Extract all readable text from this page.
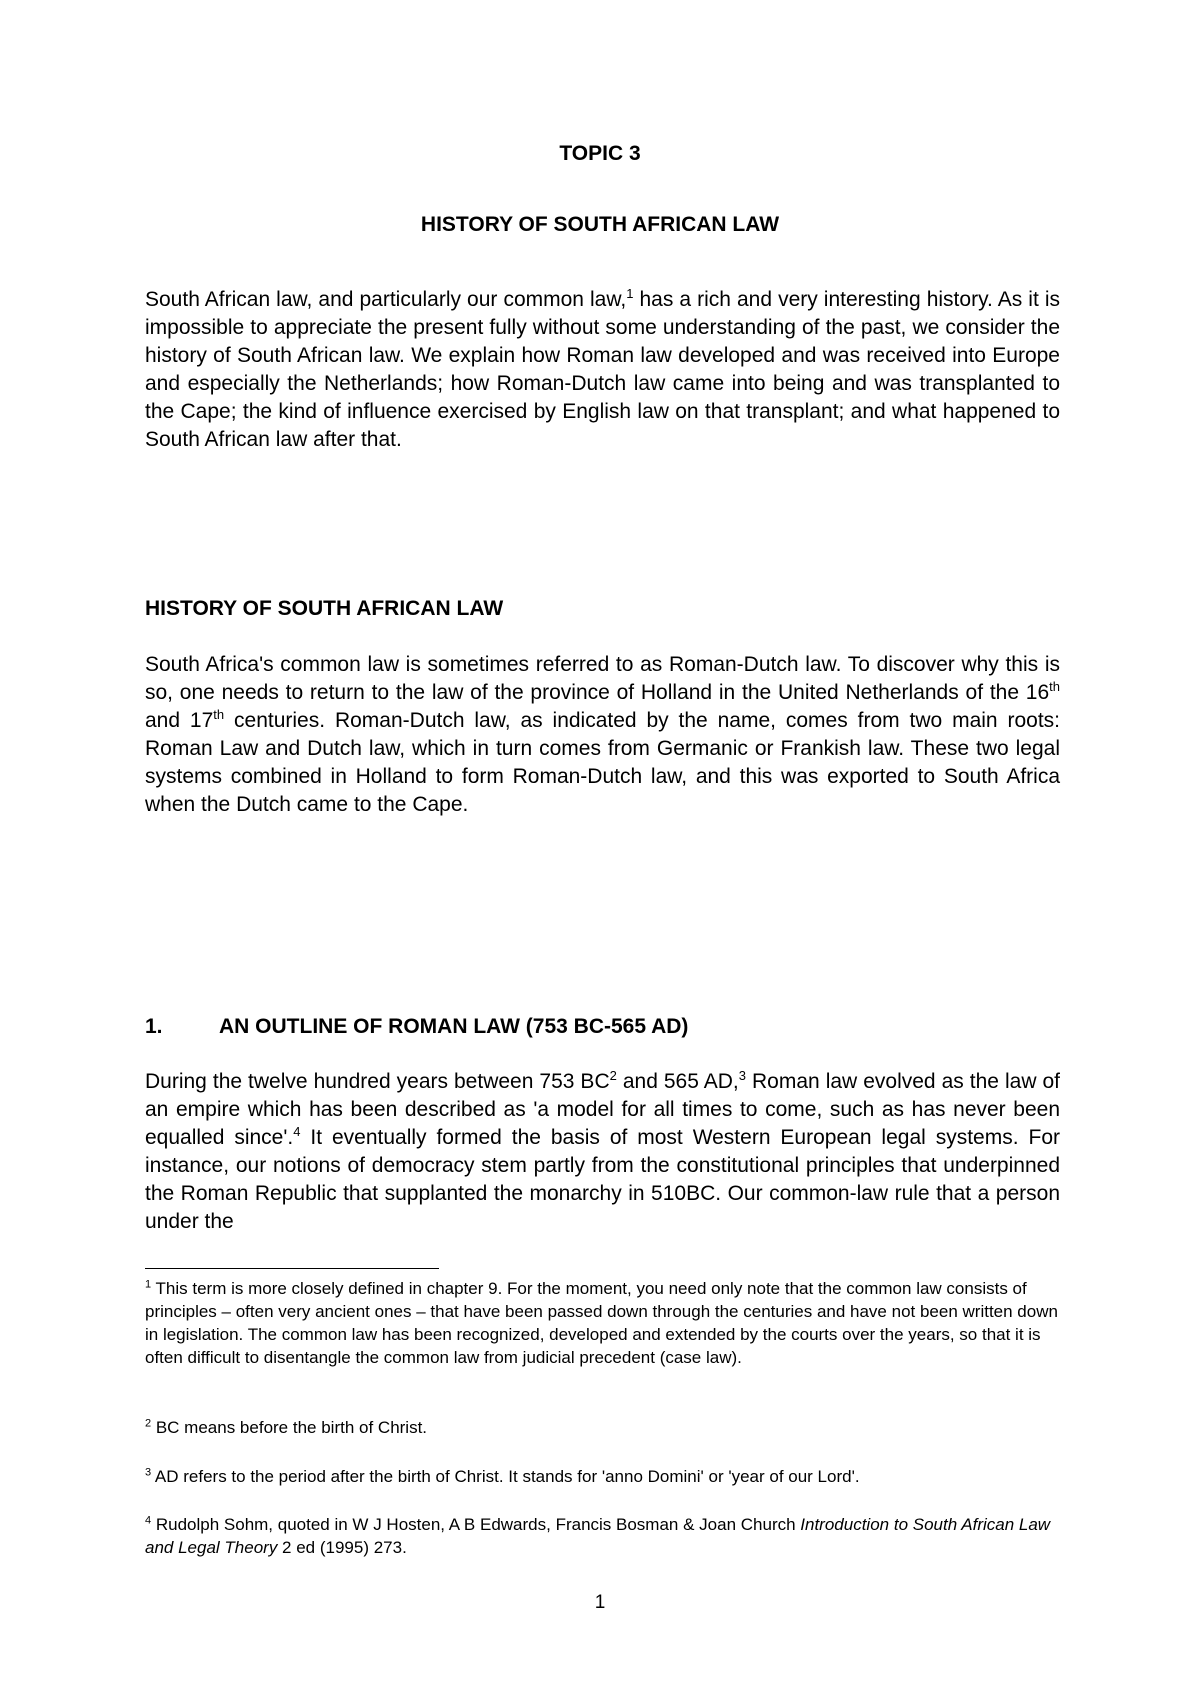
TOPIC 3
HISTORY OF SOUTH AFRICAN LAW

South African law, and particularly our common law,$^1$ has a rich and very interesting history. As it is impossible to appreciate the present fully without some understanding of the past, we consider the history of South African law. We explain how Roman law developed and was received into Europe and especially the Netherlands; how Roman-Dutch law came into being and was transplanted to the Cape; the kind of influence exercised by English law on that transplant; and what happened to South African law after that.

HISTORY OF SOUTH AFRICAN LAW

South Africa's common law is sometimes referred to as Roman-Dutch law. To discover why this is so, one needs to return to the law of the province of Holland in the United Netherlands of the 16th and 17th centuries. Roman-Dutch law, as indicated by the name, comes from two main roots: Roman Law and Dutch law, which in turn comes from Germanic or Frankish law. These two legal systems combined in Holland to form Roman-Dutch law, and this was exported to South Africa when the Dutch came to the Cape.

1.	AN OUTLINE OF ROMAN LAW (753 BC-565 AD)

During the twelve hundred years between 753 $BC^2$ and 565 AD,$^3$ Roman law evolved as the law of an empire which has been described as 'a model for all times to come, such as has never been equalled since'.$^4$ It eventually formed the basis of most Western European legal systems. For instance, our notions of democracy stem partly from the constitutional principles that underpinned the Roman Republic that supplanted the monarchy in 510BC. Our common-law rule that a person under the

$^1$ This term is more closely defined in chapter 9. For the moment, you need only note that the common law consists of principles – often very ancient ones – that have been passed down through the centuries and have not been written down in legislation. The common law has been recognized, developed and extended by the courts over the years, so that it is often difficult to disentangle the common law from judicial precedent (case law).

$^2$ BC means before the birth of Christ.

$^3$ AD refers to the period after the birth of Christ. It stands for 'anno Domini' or 'year of our Lord'.

$^4$ Rudolph Sohm, quoted in W J Hosten, A B Edwards, Francis Bosman & Joan Church Introduction to South African Law and Legal Theory 2 ed (1995) 273.

1
